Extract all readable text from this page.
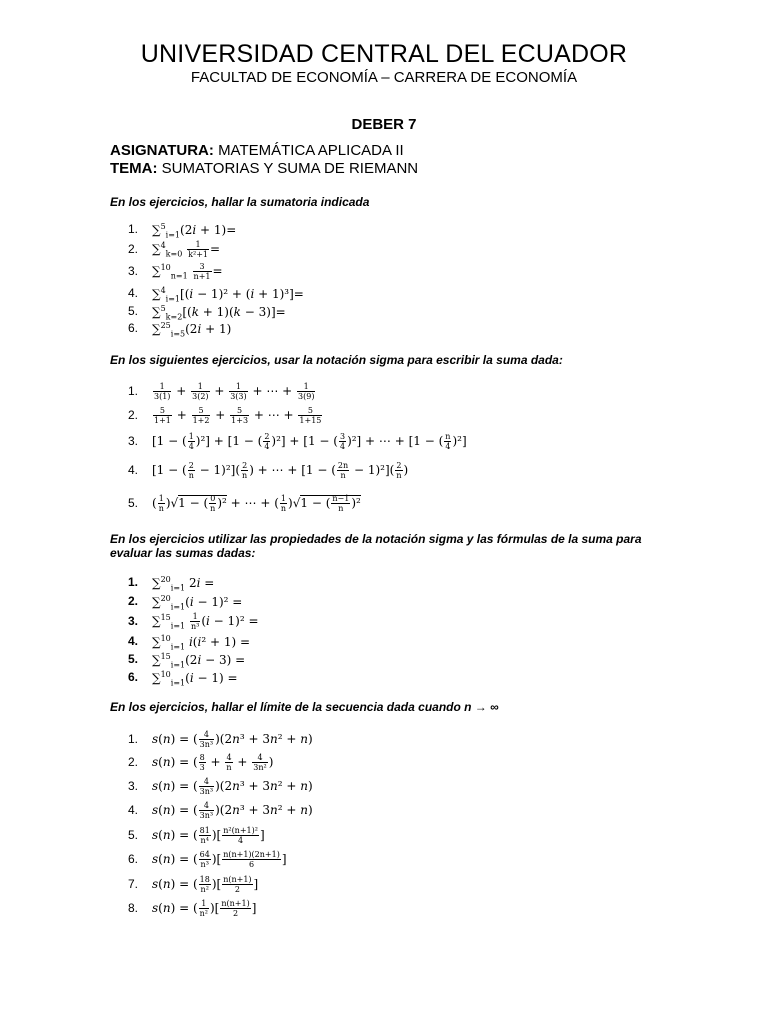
UNIVERSIDAD CENTRAL DEL ECUADOR
FACULTAD DE ECONOMÍA – CARRERA DE ECONOMÍA
DEBER 7
ASIGNATURA: MATEMÁTICA APLICADA II
TEMA: SUMATORIAS Y SUMA DE RIEMANN
En los ejercicios, hallar la sumatoria indicada
1. ∑$^5_{i=1}$(2i + 1)=
2. $\sum^4_{k=0} \frac{1}{\text{k²+1}}$ =
3. $\sum^{10}_{n=1} \frac{3}{n+1}$ =
4. ∑$^4_{i=1}$[(i − 1)² + (i + 1)³]=
5. ∑$^5_{k=2}$[(k + 1)(k − 3)]=
6. ∑$^{25}_{i=5}$(2i + 1)
En los siguientes ejercicios, usar la notación sigma para escribir la suma dada:
1. $\frac{1}{3(1)} + \frac{1}{3(2)} + \frac{1}{3(3)}$ + ⋯ + $\frac{1}{3(9)}$
2. $\frac{5}{1+1} + \frac{5}{1+2} + \frac{5}{1+3}$ + ⋯ + $\frac{5}{1+15}$
3. [1 − ( $\frac{1}{4} )^2] + [1$ − ( $\frac{2}{4} )^2] + [1$ − ( $\frac{3}{4} )^2$] + ⋯ + [1 − ( $\frac{n}{4} )^2$]
4. [1 − ( $\frac{2}{n} - 1)^2]( \frac{2}{n}$ ) + ⋯ + [1 − ( $\frac{2n}{n} - 1)^2]( \frac{2}{n}$ )
5. ( $\frac{1}{n} )√1$ − ( $\frac{0}{n} )^2$ + ⋯ + ( $\frac{1}{n} )√1$ − ( $\frac{n-1}{n} )^2$
En los ejercicios utilizar las propiedades de la notación sigma y las fórmulas de la suma para evaluar las sumas dadas:
1. ∑$^{20}_{i=1}$ 2i =
2. ∑$^{20}_{i=1}$(i − 1)² =
3. $\sum^{15}_{i=1} \frac{1}{\text{n³}} (i - 1)^2$ =
4. ∑$^{10}_{i=1}$ i(i² + 1) =
5. ∑$^{15}_{i=1}$(2i − 3) =
6. ∑$^{10}_{i=1}$(i − 1) =
En los ejercicios, hallar el límite de la secuencia dada cuando n → ∞
1. s(n) = ( $\frac{4}{\text{3n³}} )(2n^3 + 3n^2 + n)$
2. s(n) = ( $\frac{8}{3} + \frac{4}{n} + \frac{4}{\text{3n²}}$ )
3. s(n) = ( $\frac{4}{\text{3n³}} )(2n^3 + 3n^2 + n)$
4. s(n) = ( $\frac{4}{\text{3n³}} )(2n^3 + 3n^2 + n)$
5. s(n) = ( $\frac{81}{\text{n⁴}}$ )[ $\frac{\text{n²(n+1)²}}{4}$ ]
6. s(n) = ( $\frac{64}{\text{n³}}$ )[ $\frac{n(n+1)(2n+1)}{6}$ ]
7. s(n) = ( $\frac{18}{\text{n²}}$ )[ $\frac{n(n+1)}{2}$ ]
8. s(n) = ( $\frac{1}{\text{n²}}$ )[ $\frac{n(n+1)}{2}$ ]
